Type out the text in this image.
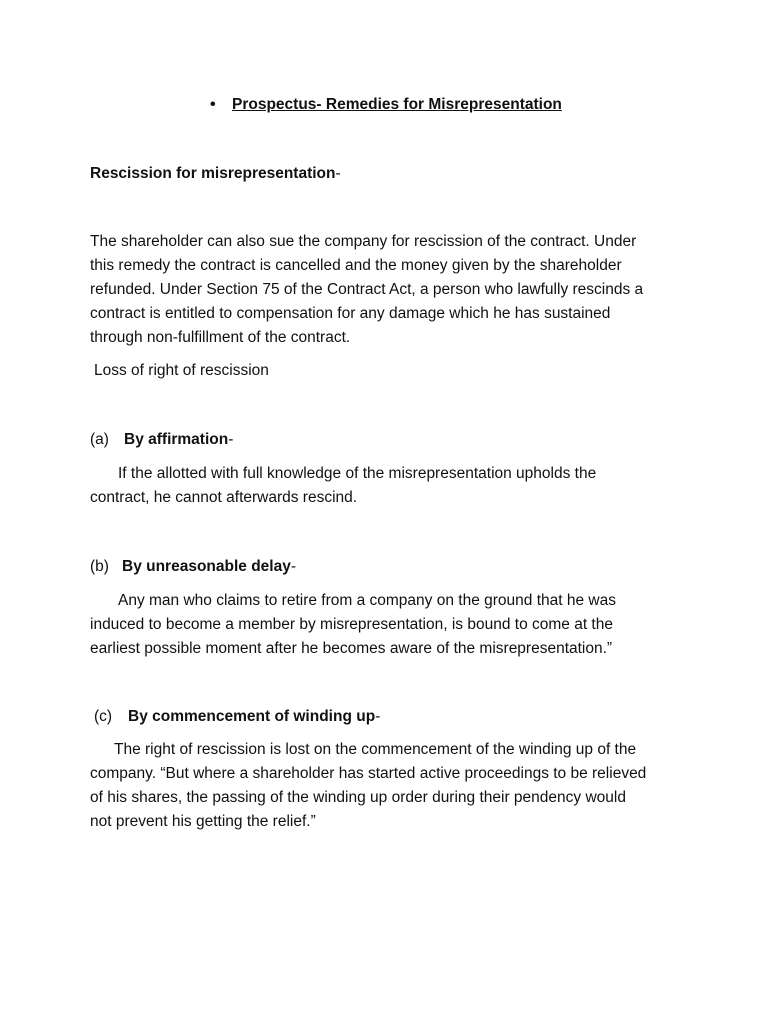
• Prospectus- Remedies for Misrepresentation
Rescission for misrepresentation-
The shareholder can also sue the company for rescission of the contract. Under
this remedy the contract is cancelled and the money given by the shareholder
refunded. Under Section 75 of the Contract Act, a person who lawfully rescinds a
contract is entitled to compensation for any damage which he has sustained
through non-fulfillment of the contract.
Loss of right of rescission
(a) By affirmation-
If the allotted with full knowledge of the misrepresentation upholds the
contract, he cannot afterwards rescind.
(b) By unreasonable delay-
Any man who claims to retire from a company on the ground that he was
induced to become a member by misrepresentation, is bound to come at the
earliest possible moment after he becomes aware of the misrepresentation.”
(c) By commencement of winding up-
The right of rescission is lost on the commencement of the winding up of the
company. “But where a shareholder has started active proceedings to be relieved
of his shares, the passing of the winding up order during their pendency would
not prevent his getting the relief.”
